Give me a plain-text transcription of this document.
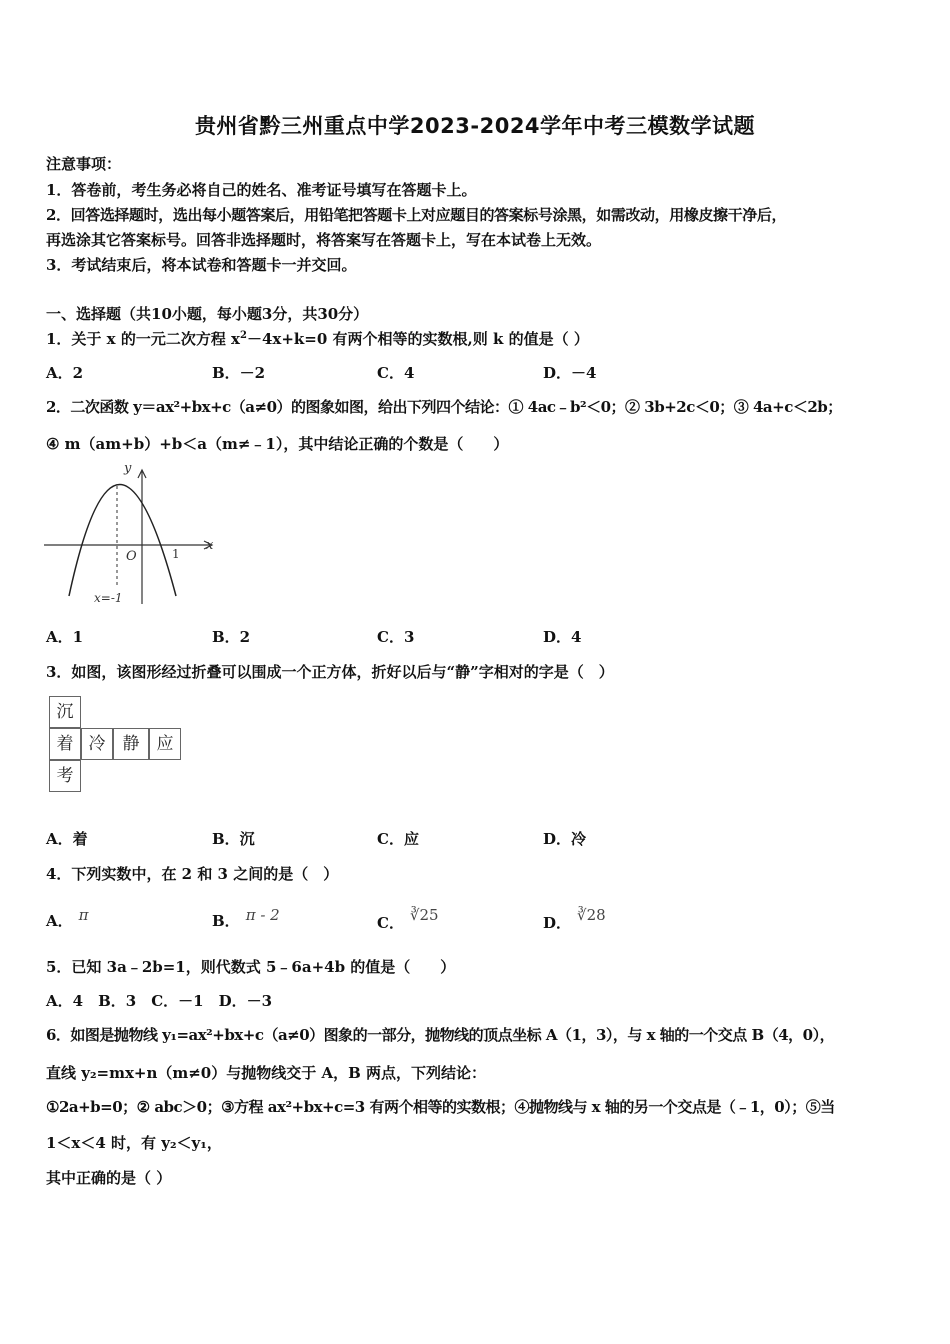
贵州省黔三州重点中学2023-2024学年中考三模数学试题
注意事项：
1．答卷前，考生务必将自己的姓名、准考证号填写在答题卡上。
2．回答选择题时，选出每小题答案后，用铅笔把答题卡上对应题目的答案标号涂黑，如需改动，用橡皮擦干净后，
再选涂其它答案标号。回答非选择题时，将答案写在答题卡上，写在本试卷上无效。
3．考试结束后，将本试卷和答题卡一并交回。
一、选择题（共10小题，每小题3分，共30分）
1．关于 x 的一元二次方程 $x^2-4x+k=0$ 有两个相等的实数根,则 k 的值是（ ）
A．2	B．－2	C．4	D．－4
2．二次函数 y＝ax²+bx+c（a≠0）的图象如图，给出下列四个结论：① 4ac﹣b²＜0；② 3b+2c＜0；③ 4a+c＜2b；
④ m（am+b）+b＜a（m≠﹣1），其中结论正确的个数是（　　）
y
x
O	1
x=-1
A．1	B．2	C．3	D．4
3．如图，该图形经过折叠可以围成一个正方体，折好以后与“静”字相对的字是（　）
沉
着 冷	静	应
考
A．着	B．沉	C．应	D．冷
4．下列实数中，在 2 和 3 之间的是（　）
A． π	B． π - 2	C． ∛25	D． ∛28
5．已知 3a﹣2b=1，则代数式 5﹣6a+4b 的值是（　　）
A．4　B．3　C．－1　D．－3
6．如图是抛物线 y₁=ax²+bx+c（a≠0）图象的一部分，抛物线的顶点坐标 A（1，3），与 x 轴的一个交点 B（4，0），
直线 y₂=mx+n（m≠0）与抛物线交于 A，B 两点，下列结论：
①2a+b=0；② abc＞0；③方程 ax²+bx+c=3 有两个相等的实数根；④抛物线与 x 轴的另一个交点是（﹣1，0）；⑤当
1＜x＜4 时，有 y₂＜y₁，
其中正确的是（ ）
